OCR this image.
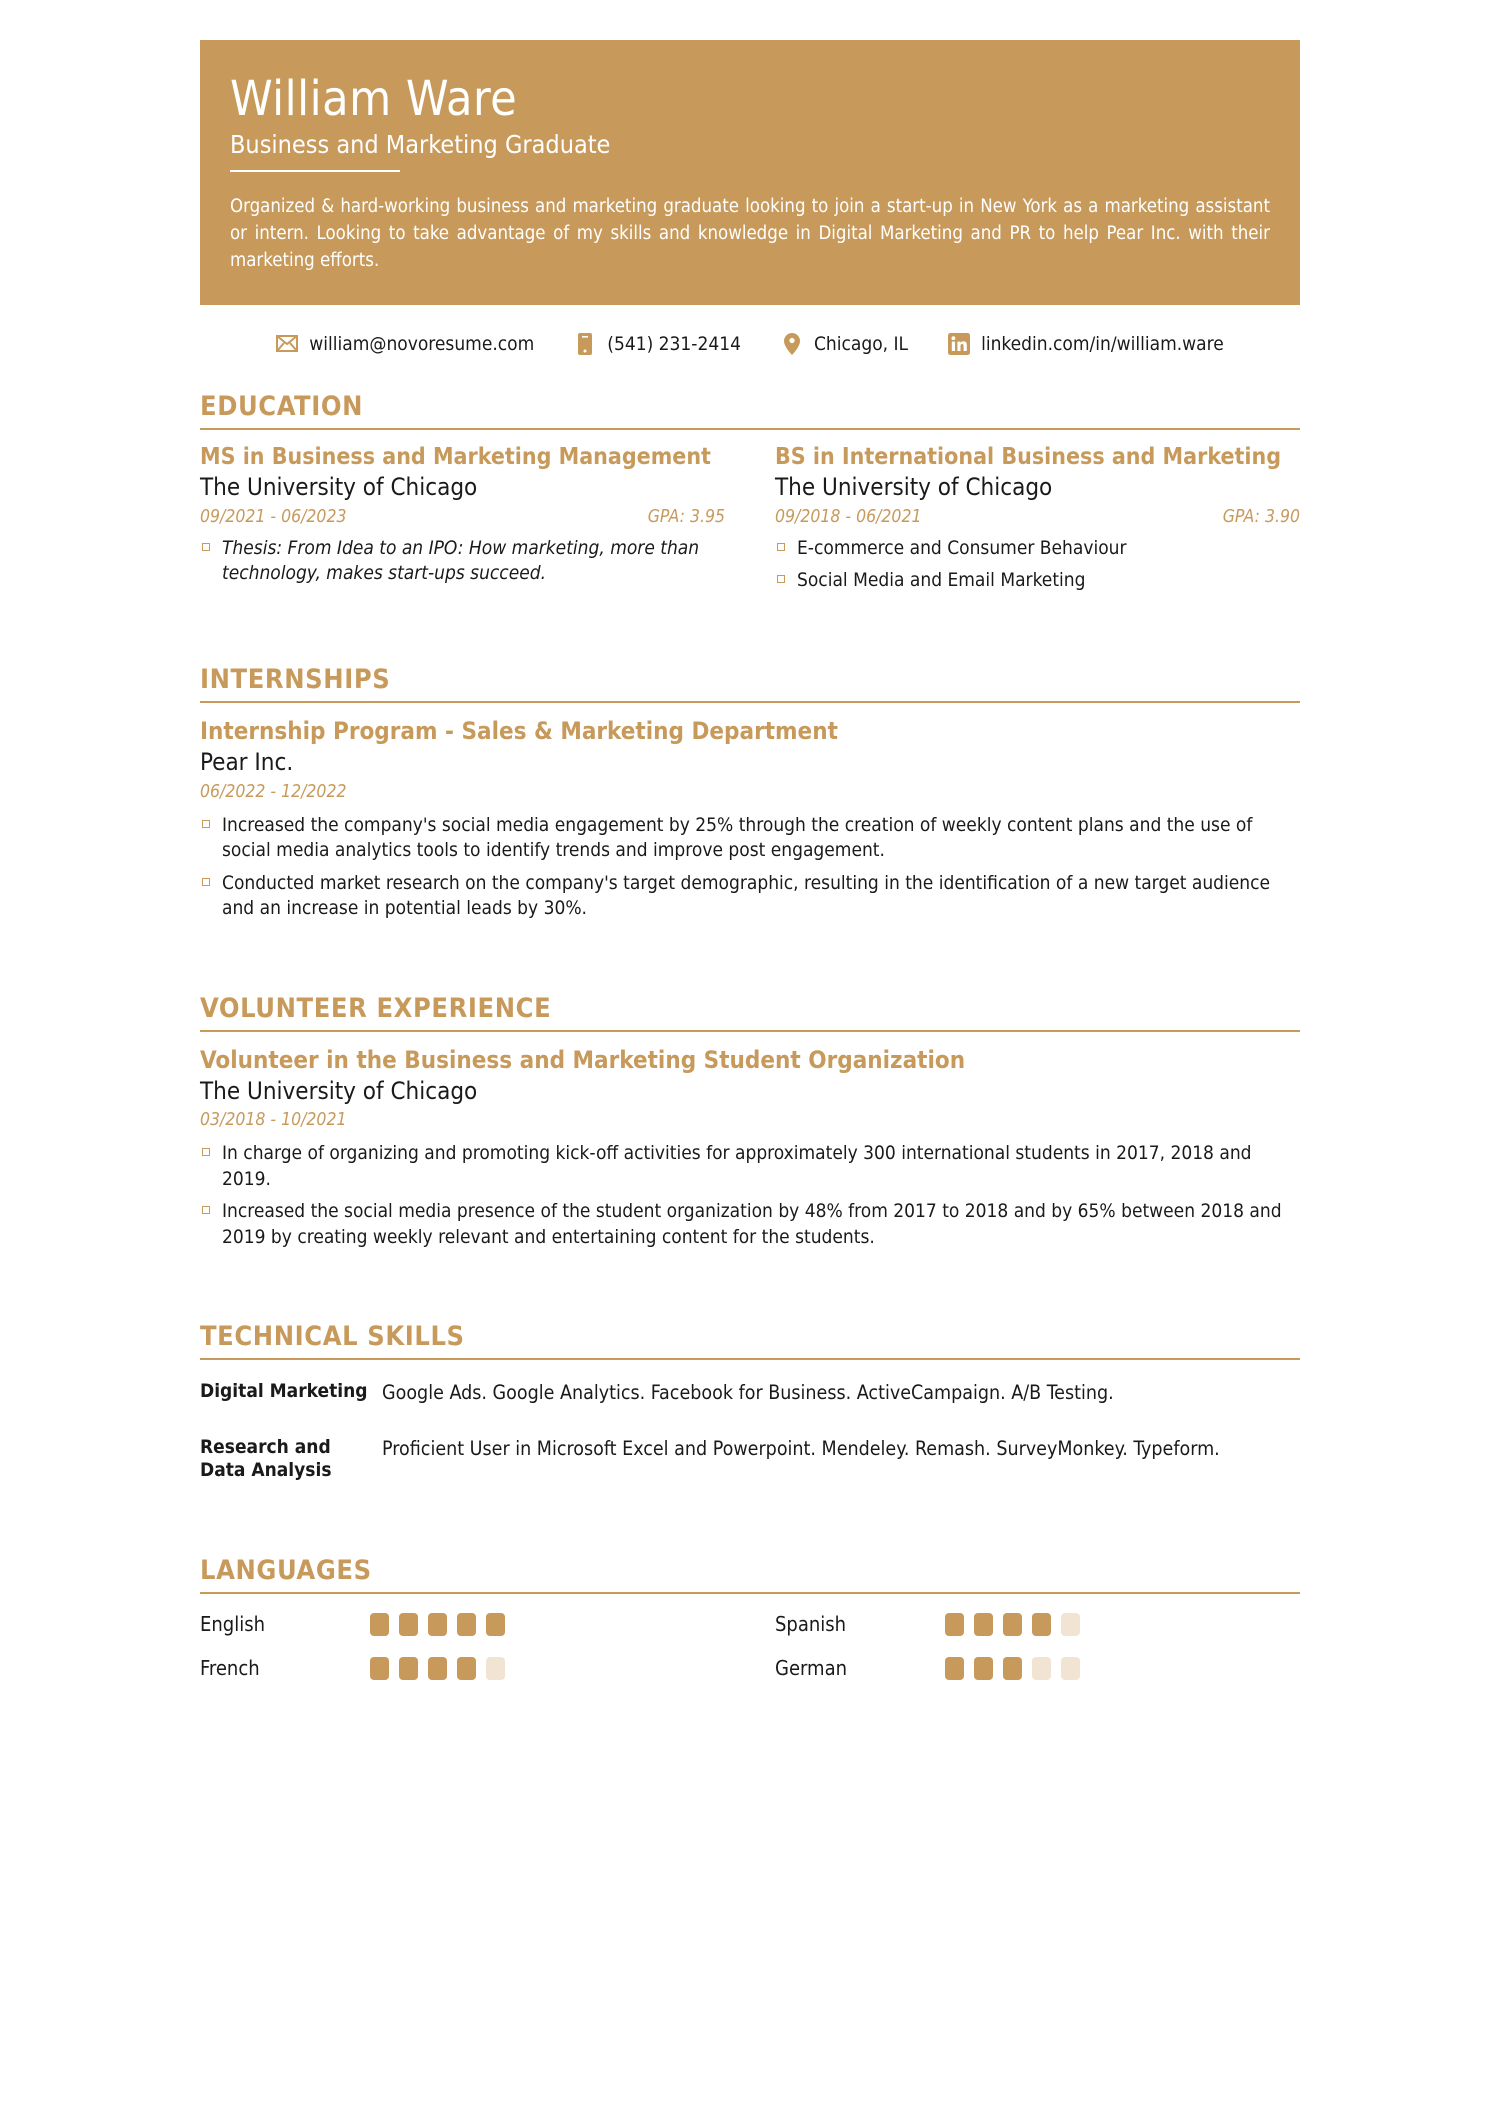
William Ware
Business and Marketing Graduate

Organized & hard-working business and marketing graduate looking to join a start-up in New York as a marketing assistant or intern. Looking to take advantage of my skills and knowledge in Digital Marketing and PR to help Pear Inc. with their marketing efforts.

william@novoresume.com	(541) 231-2414	Chicago, IL	linkedin.com/in/william.ware
EDUCATION
MS in Business and Marketing Management
The University of Chicago
09/2021 - 06/2023	GPA: 3.95
Thesis: From Idea to an IPO: How marketing, more than technology, makes start-ups succeed.
BS in International Business and Marketing
The University of Chicago
09/2018 - 06/2021	GPA: 3.90
E-commerce and Consumer Behaviour
Social Media and Email Marketing
INTERNSHIPS
Internship Program - Sales & Marketing Department
Pear Inc.
06/2022 - 12/2022
Increased the company's social media engagement by 25% through the creation of weekly content plans and the use of social media analytics tools to identify trends and improve post engagement.
Conducted market research on the company's target demographic, resulting in the identification of a new target audience and an increase in potential leads by 30%.
VOLUNTEER EXPERIENCE
Volunteer in the Business and Marketing Student Organization
The University of Chicago
03/2018 - 10/2021
In charge of organizing and promoting kick-off activities for approximately 300 international students in 2017, 2018 and 2019.
Increased the social media presence of the student organization by 48% from 2017 to 2018 and by 65% between 2018 and 2019 by creating weekly relevant and entertaining content for the students.
TECHNICAL SKILLS
Digital Marketing	Google Ads. Google Analytics. Facebook for Business. ActiveCampaign. A/B Testing.
Research and Data Analysis	Proficient User in Microsoft Excel and Powerpoint. Mendeley. Remash. SurveyMonkey. Typeform.
LANGUAGES
English	Spanish
French	German
